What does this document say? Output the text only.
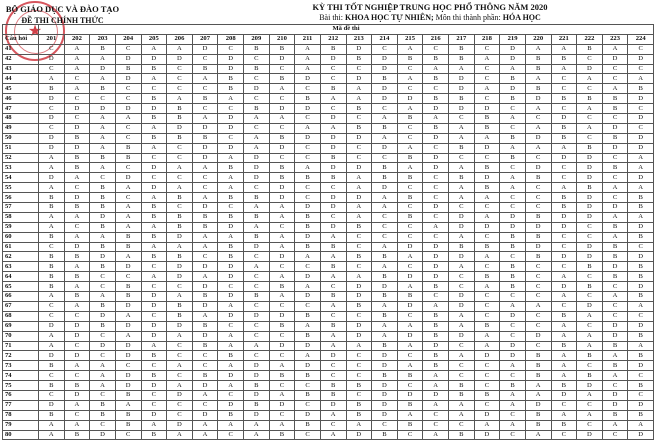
★
BỘ GIÁO DỤC VÀ ĐÀO TẠO
ĐỀ THI CHÍNH THỨC
KỲ THI TỐT NGHIỆP TRUNG HỌC PHỔ THÔNG NĂM 2020
Bài thi: KHOA HỌC TỰ NHIÊN; Môn thi thành phần: HÓA HỌC
	Mã đề thi																							
Câu hỏi	201	202	203	204	205	206	207	208	209	210	211	212	213	214	215	216	217	218	219	220	221	222	223	224
41	C	A	B	C	A	A	D	C	B	B	A	B	D	C	A	C	B	C	D	A	A	B	A	C
42	D	A	A	D	D	D	C	D	C	D	A	D	B	D	B	B	B	A	D	B	B	C	D	D
43	C	A	D	B	B	C	B	D	B	C	A	C	C	D	C	A	A	C	A	B	A	D	C	C
44	A	C	A	D	A	C	A	B	C	B	D	C	D	B	A	B	D	C	B	A	C	A	C	A
45	B	A	B	C	C	C	C	B	D	A	C	B	A	D	C	C	D	A	D	B	C	C	A	B
46	D	C	C	C	B	A	B	A	C	C	B	A	A	D	D	B	B	C	B	D	B	B	B	D
47	C	D	D	D	D	B	C	C	B	D	D	C	B	C	A	D	D	D	C	A	C	A	B	C
48	D	C	A	A	B	B	A	D	A	A	C	D	C	A	B	A	C	B	A	C	D	C	C	D
49	C	D	A	C	A	D	D	D	C	C	A	A	B	B	C	B	A	B	C	A	B	A	D	C
50	D	B	A	C	B	B	B	C	A	B	D	D	D	A	C	D	A	A	B	D	B	C	B	D
51	D	D	A	B	A	C	D	D	A	D	C	D	C	D	A	C	B	D	A	A	A	B	D	D
52	A	B	B	B	C	C	D	A	D	C	C	B	C	C	B	D	C	C	B	C	D	D	C	A
53	A	B	A	C	D	A	A	B	D	B	A	D	D	B	A	D	A	B	C	D	C	D	B	A
54	D	A	C	D	C	C	C	A	D	B	B	B	A	B	B	C	B	D	A	B	C	D	C	D
55	A	C	B	A	D	A	C	A	C	D	C	C	A	D	C	C	A	B	A	C	A	B	A	A
56	B	D	B	C	A	B	A	B	B	D	C	D	D	A	B	C	A	A	C	C	B	D	C	B
57	B	B	B	A	B	C	D	C	A	A	D	D	A	A	C	D	C	C	C	C	B	D	D	B
58	A	A	D	A	B	B	B	B	B	A	B	C	A	C	B	C	D	A	D	B	D	D	A	A
59	A	C	B	A	A	B	B	D	A	C	B	D	B	C	C	A	D	D	D	D	D	C	B	D
60	B	A	A	B	B	D	A	A	B	A	D	A	C	C	C	C	A	C	B	B	C	C	A	B
61	C	D	B	B	A	A	A	B	D	A	B	B	C	A	D	D	B	B	B	D	C	D	B	C
62	B	B	D	A	B	B	C	B	C	D	A	A	B	B	A	D	D	A	C	B	D	D	B	D
63	B	A	B	D	C	D	D	D	A	C	C	B	C	A	C	D	A	C	B	C	C	B	D	B
64	B	B	C	C	A	D	A	D	C	A	D	A	A	B	D	D	C	B	B	C	A	C	B	B
65	B	A	C	B	C	C	D	C	C	B	A	C	D	D	A	B	C	A	B	C	D	B	C	D
66	A	B	A	B	D	A	B	D	B	A	D	B	D	B	B	C	D	C	C	C	A	C	A	B
67	C	A	B	D	D	B	D	A	C	C	C	A	B	A	D	A	D	C	A	A	C	D	C	A
68	C	C	D	A	C	B	A	D	D	D	B	C	C	B	C	B	A	C	D	C	B	A	C	C
69	D	D	B	D	D	D	B	C	C	B	A	B	D	A	A	B	A	B	C	C	A	C	D	D
70	A	D	C	A	D	A	D	A	C	C	B	A	D	A	D	B	D	A	C	D	A	A	D	B
71	A	C	D	D	A	C	B	A	A	D	D	A	A	B	A	D	C	A	D	C	B	A	B	A
72	D	D	C	D	B	C	C	B	C	C	A	D	C	D	C	B	A	D	D	B	A	B	A	B
73	B	A	A	C	C	A	C	A	D	A	D	C	C	D	A	B	C	C	A	B	A	C	B	D
74	C	C	A	D	B	C	B	D	D	B	B	C	C	B	B	A	C	C	C	B	A	B	A	C
75	B	B	A	D	D	A	D	A	B	C	C	B	B	D	C	A	B	C	B	A	B	D	C	B
76	C	D	C	B	C	D	A	C	D	A	B	B	C	D	D	D	B	B	A	A	D	A	D	C
77	D	A	B	A	C	C	C	D	B	D	C	D	B	D	B	A	A	C	A	D	C	C	D	D
78	B	C	B	B	D	C	D	B	D	C	D	A	B	D	A	C	A	D	C	B	A	A	B	B
79	A	A	C	B	A	D	A	A	A	A	B	C	A	C	B	C	C	A	A	B	B	C	A	A
80	A	B	D	C	B	A	A	C	A	B	C	A	D	B	C	A	B	D	C	A	C	D	C	D
